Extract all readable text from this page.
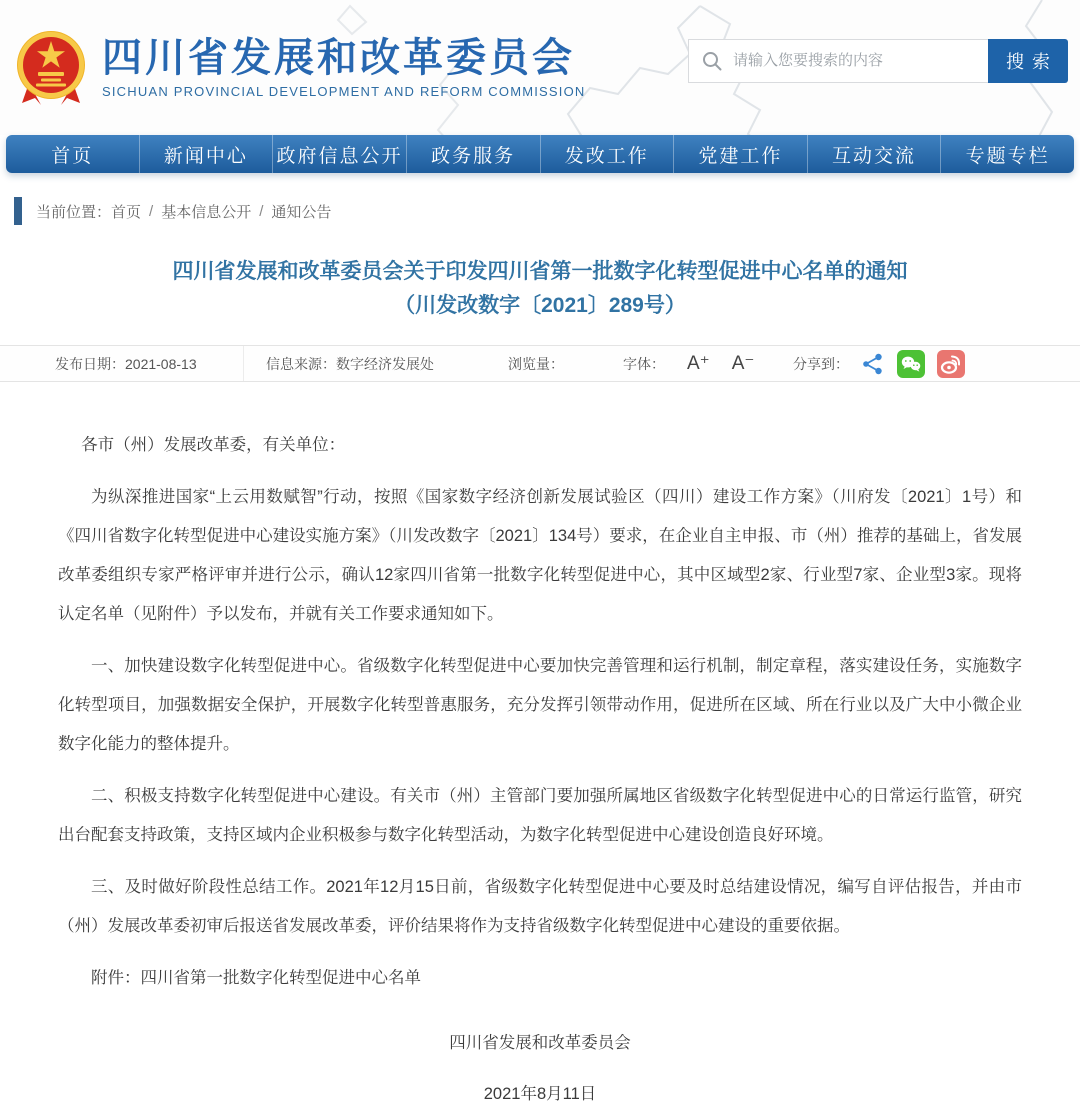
四川省发展和改革委员会
SICHUAN PROVINCIAL DEVELOPMENT AND REFORM COMMISSION
请输入您要搜索的内容
搜索
首页	新闻中心	政府信息公开	政务服务	发改工作	党建工作	互动交流	专题专栏
当前位置： 首页 / 基本信息公开 / 通知公告
四川省发展和改革委员会关于印发四川省第一批数字化转型促进中心名单的通知
（川发改数字〔2021〕289号）
发布日期： 2021-08-13	信息来源： 数字经济发展处	浏览量：	字体： A⁺ A⁻	分享到：

各市（州）发展改革委，有关单位：

为纵深推进国家“上云用数赋智”行动，按照《国家数字经济创新发展试验区（四川）建设工作方案》（川府发〔2021〕1号）和《四川省数字化转型促进中心建设实施方案》（川发改数字〔2021〕134号）要求，在企业自主申报、市（州）推荐的基础上，省发展改革委组织专家严格评审并进行公示，确认12家四川省第一批数字化转型促进中心，其中区域型2家、行业型7家、企业型3家。现将认定名单（见附件）予以发布，并就有关工作要求通知如下。

一、加快建设数字化转型促进中心。省级数字化转型促进中心要加快完善管理和运行机制，制定章程，落实建设任务，实施数字化转型项目，加强数据安全保护，开展数字化转型普惠服务，充分发挥引领带动作用，促进所在区域、所在行业以及广大中小微企业数字化能力的整体提升。

二、积极支持数字化转型促进中心建设。有关市（州）主管部门要加强所属地区省级数字化转型促进中心的日常运行监管，研究出台配套支持政策，支持区域内企业积极参与数字化转型活动，为数字化转型促进中心建设创造良好环境。

三、及时做好阶段性总结工作。2021年12月15日前，省级数字化转型促进中心要及时总结建设情况，编写自评估报告，并由市（州）发展改革委初审后报送省发展改革委，评价结果将作为支持省级数字化转型促进中心建设的重要依据。

附件：四川省第一批数字化转型促进中心名单

四川省发展和改革委员会

2021年8月11日
